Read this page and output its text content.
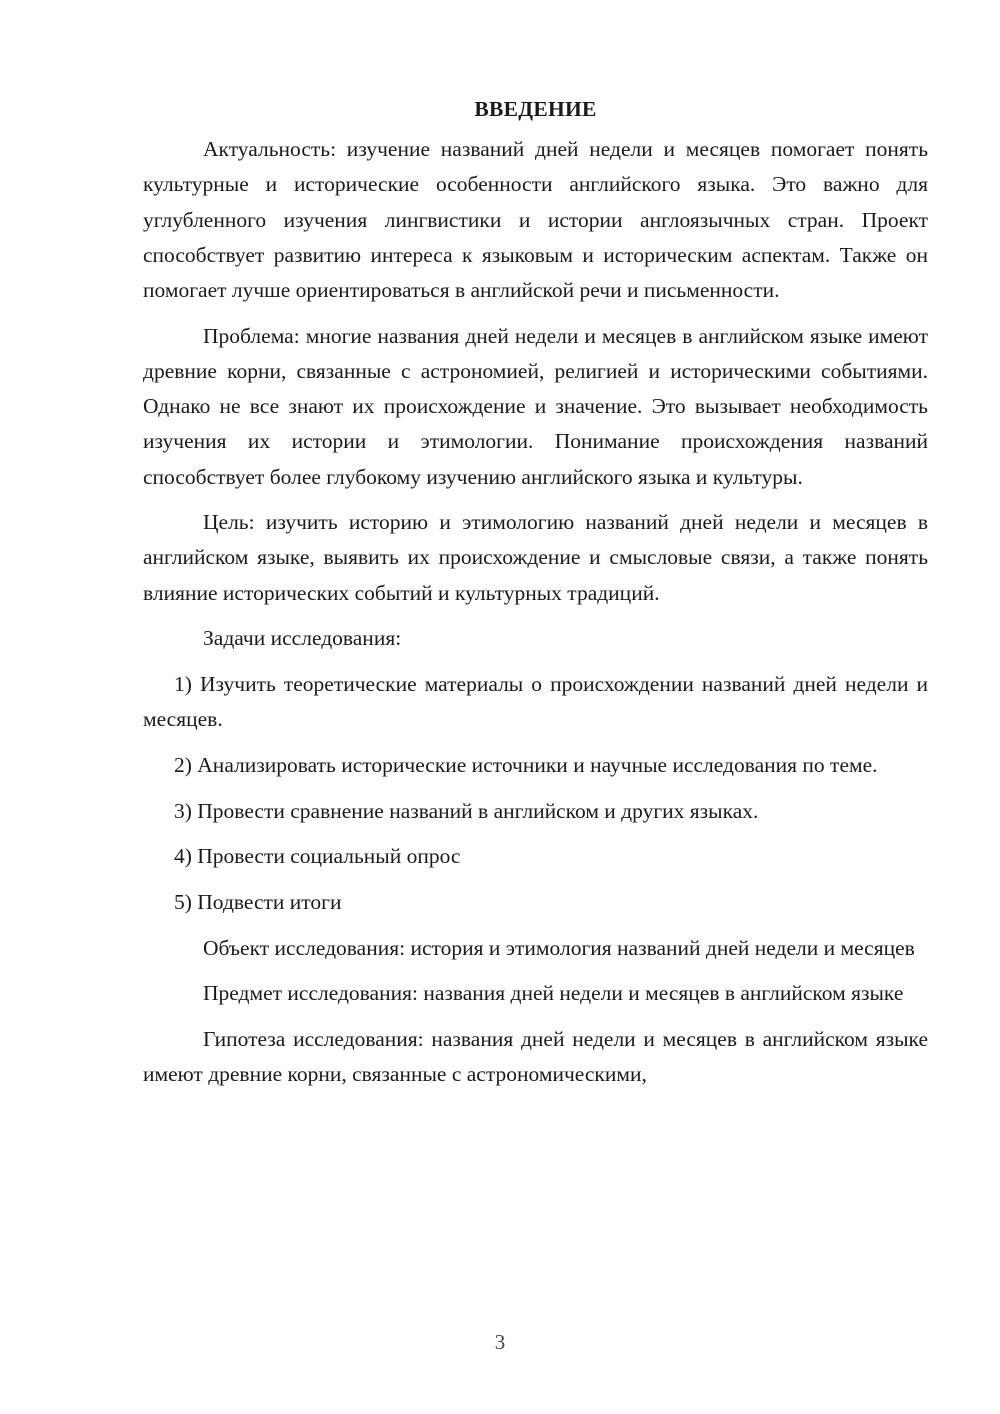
ВВЕДЕНИЕ

Актуальность: изучение названий дней недели и месяцев помогает понять культурные и исторические особенности английского языка. Это важно для углубленного изучения лингвистики и истории англоязычных стран. Проект способствует развитию интереса к языковым и историческим аспектам. Также он помогает лучше ориентироваться в английской речи и письменности.

Проблема: многие названия дней недели и месяцев в английском языке имеют древние корни, связанные с астрономией, религией и историческими событиями. Однако не все знают их происхождение и значение. Это вызывает необходимость изучения их истории и этимологии. Понимание происхождения названий способствует более глубокому изучению английского языка и культуры.

Цель: изучить историю и этимологию названий дней недели и месяцев в английском языке, выявить их происхождение и смысловые связи, а также понять влияние исторических событий и культурных традиций.

Задачи исследования:

1) Изучить теоретические материалы о происхождении названий дней недели и месяцев.

2) Анализировать исторические источники и научные исследования по теме.

3) Провести сравнение названий в английском и других языках.

4) Провести социальный опрос

5) Подвести итоги

Объект исследования: история и этимология названий дней недели и месяцев

Предмет исследования: названия дней недели и месяцев в английском языке

Гипотеза исследования: названия дней недели и месяцев в английском языке имеют древние корни, связанные с астрономическими,

3
